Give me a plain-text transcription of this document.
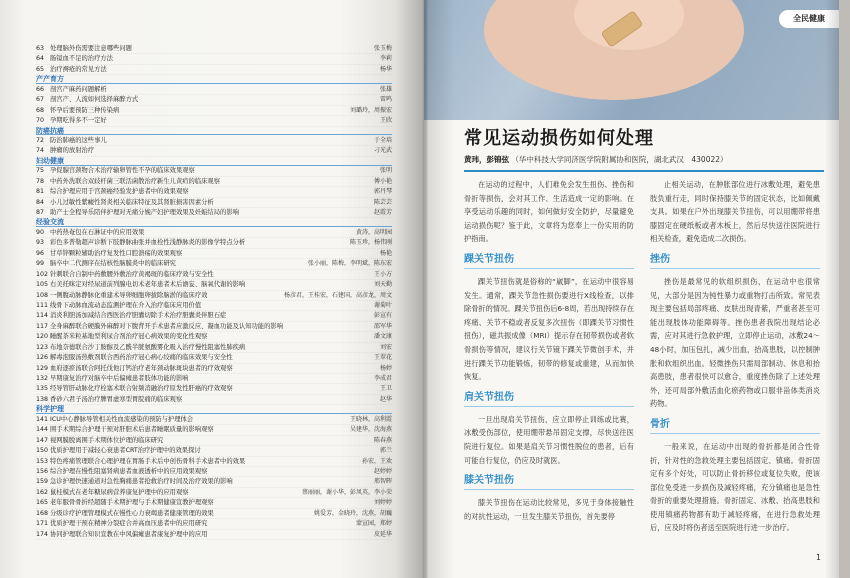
63 处理脑外伤需要注意哪些问题	张玉梅
64 肠镜血不足的治疗方法	李莉
65 治疗褥疮的常见方法	杨华
产产育方
66 剖宫产麻药问题解析	张雄
67 剖宫产、人流如何选择麻醉方式	雷鸣
68 怀孕后要预防三种传染病	刘璐玲，周振宏
70 孕期吃得多不一定好	王欣
防癌抗癌
72 防治肺癌的这些事儿	于全培
74 肿瘤的放射治疗	刁光武
妇幼健康
75 孕促腺宫颈物合术治疗输卵管性不孕的临床效果观察	张明
78 中药外洗联合双歧杆菌三联活菌散治疗新生儿黄疸的临床观察	傅小艳
81 综合护理应用于宫颈癌经验发护患者中的效果观察	郭丹琴
84 小儿过敏性紫癜性肾炎相关临床特征及其肾脏损害因素分析	陈芸芸
87 助产士全程导乐陪伴护理对无痛分娩产妇护理效果及妊娠结局的影响	赵霞芳
经验交流
90 中药热奄包在石淋证中的应用效果	黄涛，高明园
93 彩色多普勒超声诊断下肢静脉曲张并血栓性浅静脉炎的影像学特点分析	陈玉珍，杨伟刚
96 甘草锌颗粒辅助治疗复发性口腔溃疡的效果观察	杨艳
99 脑卒中二代测序在结核性脑膜炎中的临床研究	张小丽，陈梅，李明斌，陈东宏
102 针刺联合自制中药敷腰外敷治疗黄褐斑的临床疗效与安全性	王小方
105 右美托咪定对经尿道前列腺电切术老年患者术后谵妄、脑氧代谢的影响	刘天勤
108 一侧腹动脉静脉化重建术导卵细胞卵拔除脑淤的临床疗效	杨彦君，王桂宏，石建国，高彦龙，周文
111 线骨下动脉血流动态监测护理在介入治疗临床应用价值	谢菊叶
114 消炎利胆汤加减结合西医治疗胆囊切除手术治疗胆囊炎伴胆石症	彭宣有
117 全身麻醉联合硬膜外麻醉对下腹背开手术患者应激反应、凝血功能及认知功能的影响	邵军华
120 睡醒茶米粒基地型利尿合剂治疗冠心病效果的变化性观察	潘文康
123 布地奈德联合沙丁胺醇及乙酰半胱氨酸雾化吸入治疗慢性阻塞性肺疾病	刘宏
126 解毒泡服汤热敷剂联合西药治疗冠心病心绞痛的临床效果与安全性	王翠花
129 血府逐瘀汤联合阿托伐他汀钙治疗老年颈动脉斑块患者的疗效观察	杨婷
132 早期康复治疗对脑卒中后偏瘫患者肢体功能的影响	李成君
135 经导管肝动脉化疗栓塞术联合射频消融治疗原发性肝癌的疗效观察	王卫
138 香砂六君子汤治疗脾胃虚寒型胃脘痛的临床观察	赵华
科学护理
141 ICU中心静脉导管相关性血流感染的预防与护理体会	王晓林，高利霞
144 围手术期综合护理干预对肝胆术后患者睡眠质量的影响观察	吴建华，沈海燕
147 视网膜脱离围手术期体位护理的临床研究	陈春燕
150 优质护理用于减轻心衰患者CRT治疗护理中的效果探讨	郭兰
153 特色疼痛管理联合心理护理在胃肠手术后中创伤骨科手术患者中的效果	孙宏，王欢
156 综合护理在慢性阻塞肾病患者血液透析中的应用效果观察	赵婷婷
159 急诊护理快速通道对急性胸痛患者抢救治疗时间及治疗效果的影响	邢智晖
162 鼠桂模式在老年糖尿病营养康复护理中的应用观察	蔡丽丽，谢小华，彭凤英，李小荣
165 老年服骨骨折经超随手术期护理与手术期健康宣教护理观察	刘婷婷
168 分级诊疗护理管理模式在慢性心力衰竭患者健康管理的效果	姚爱芳，金晓玲，沈燕，胡巍
171 优质护理干预在精神分裂症合并高血压患者中的应用研究	蒙宣园，郑婷
174 协同护理联合知识宣教在中风偏瘫患者康复护理中的应用	皮延华
全民健康
常见运动损伤如何处理
黄玮，彭锦弦 （华中科技大学同济医学院附属协和医院，湖北武汉　430022）

在运动的过程中，人们难免会发生扭伤、挫伤和骨折等损伤，会对其工作、生活造成一定的影响。在享受运动乐趣的同时，如何做好安全防护，尽量避免运动损伤呢？鉴于此，文章将为您奉上一份实用的防护指南。

踝关节扭伤

踝关节扭伤就是俗称的“崴脚”，在运动中很容易发生。通常，踝关节急性损伤要进行X线检查，以排除骨折的情况。踝关节扭伤后6-8周，若出现持续存在疼痛、关节不稳或者反复多次扭伤（即踝关节习惯性扭伤），磁共振成像（MRI）提示存在韧带损伤或者软骨损伤等情况，建议行关节镜下踝关节微创手术，并进行踝关节功能锻炼，韧带的修复或重建，从而加快恢复。

肩关节扭伤

一旦出现肩关节扭伤，应立即停止训练或比赛，冰敷受伤部位，使用绷带悬吊固定支撑，尽快送往医院进行复位。如果是肩关节习惯性脱位的患者，后有可能自行复位，仍应及时就医。

膝关节扭伤

膝关节扭伤在运动比较常见，多见于身体接触性的对抗性运动，一旦发生膝关节扭伤，首先要停

止相关运动，在肿胀部位进行冰敷处理，避免患肢负重行走，同时保持膝关节的固定状态，比如佩戴支具。如果在户外出现膝关节扭伤，可以用绷带将患膝固定在硬纸板或者木板上，然后尽快送往医院进行相关检查，避免造成二次损伤。

挫伤

挫伤是最常见的软组织损伤，在运动中也很常见，大部分是因为钝性暴力或重物打击所致。常见表现主要包括局部疼痛、皮肤出现青紫，严重者甚至可能出现肢体功能障碍等。挫伤患者我院出现结论必需，应对其进行急救护理，立即停止运动，冰敷24～48小时，加压包扎，减少出血，抬高患肢，以控制肿胀和软组织出血。轻微挫伤只需局部制动、休息和抬高患肢，患者很快可以愈合，重度挫伤除了上述处理外，还可局部外敷活血化瘀药物或口服非甾体类消炎药物。

骨折

一般来说，在运动中出现的骨折都是闭合性骨折，针对性的急救处理主要包括固定、镇痛。骨折固定有多个好处，可以防止骨折移位或复位失败，使该部位免受进一步损伤及减轻疼痛，充分镇痛也是急性骨折的重要处理措施。骨折固定、冰敷、抬高患肢和使用镇痛药物都有助于减轻疼痛，在进行急救处理后，应及时将伤者送至医院进行进一步治疗。

1
